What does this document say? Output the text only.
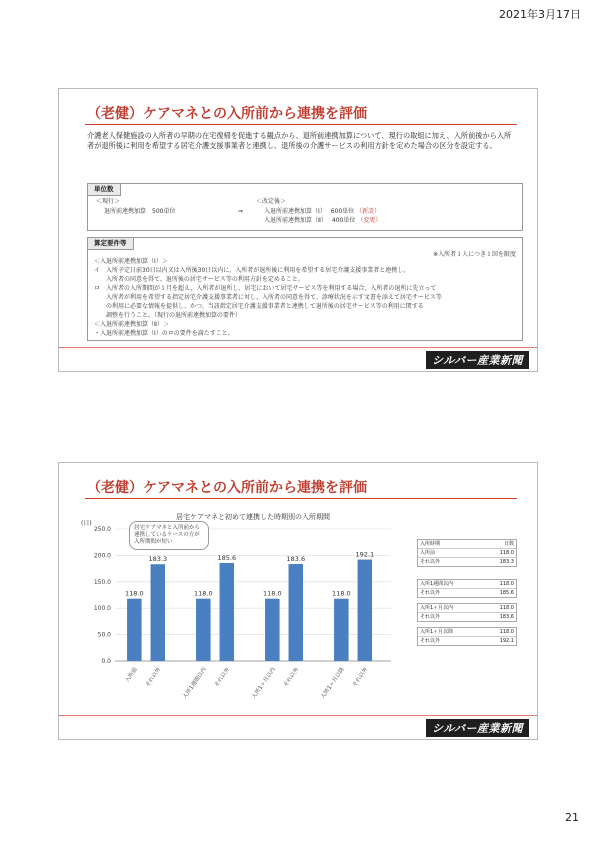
2021年3月17日
（老健）ケアマネとの入所前から連携を評価
介護老人保健施設の入所者の早期の在宅復帰を促進する観点から、退所前連携加算について、現行の取組に加え、入所前後から入所者が退所後に利用を希望する居宅介護支援事業者と連携し、退所後の介護サービスの利用方針を定めた場合の区分を設定する。
単位数
＜現行＞
退所前連携加算　500単位	⇒
＜改定後＞
入退所前連携加算（Ⅰ）　 600単位 （新設）
入退所前連携加算（Ⅱ）　 400単位 （変更）
算定要件等
※入所者１人につき１回を限度
＜入退所前連携加算（Ⅰ）＞
イ　入所予定日前30日以内又は入所後30日以内に、入所者が退所後に利用を希望する居宅介護支援事業者と連携し、
　　入所者の同意を得て、退所後の居宅サービス等の利用方針を定めること。
ロ　入所者の入所期間が１月を超え、入所者が退所し、居宅において居宅サービス等を利用する場合、入所者の退所に先立って
　　入所者が利用を希望する指定居宅介護支援事業者に対し、入所者の同意を得て、診療状況を示す文書を添えて居宅サービス等
　　の利用に必要な情報を提供し、かつ、当該指定居宅介護支援事業者と連携して退所後の居宅サービス等の利用に関する
　　調整を行うこと。（現行の退所前連携加算の要件）
＜入退所前連携加算（Ⅱ）＞
・入退所前連携加算（Ⅰ）のロの要件を満たすこと。
シルバー産業新聞
（老健）ケアマネとの入所前から連携を評価
居宅ケアマネと初めて連携した時期別の入所期間
(日)
0.0
50.0
100.0
150.0
200.0
250.0
118.0
入所前
183.3
それ以外
118.0
入所1週間以内
185.6
それ以外
118.0
入所1ヶ月以内
183.6
それ以外
118.0
入所1ヶ月以降
192.1
それ以外
居宅ケアマネと入所前から連携しているケースの方が入所期間が短い	入所時期	日数
入所前	118.0
それ以外	183.3
入所1週間以内	118.0
それ以外	185.6
入所1ヶ月以内	118.0
それ以外	183.6
入所1ヶ月以降	118.0
それ以外	192.1
シルバー産業新聞
21
